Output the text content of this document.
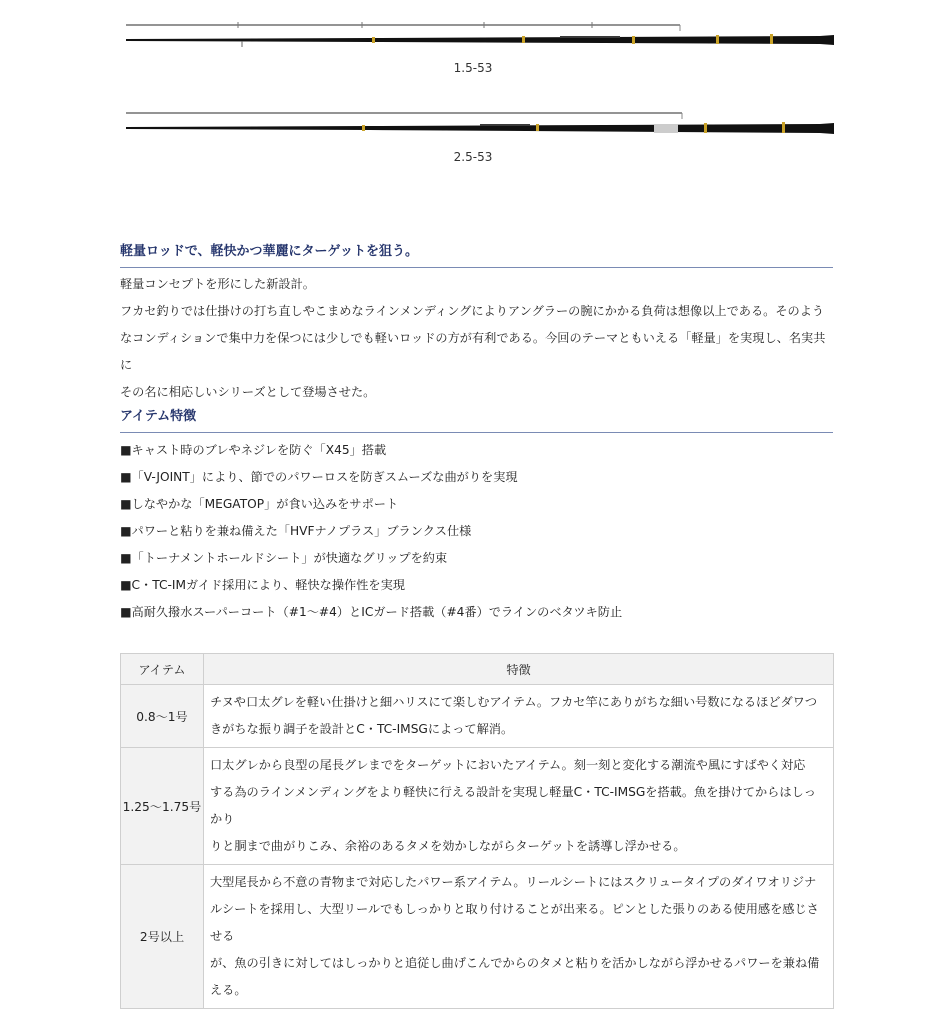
1.5-53
2.5-53
軽量ロッドで、軽快かつ華麗にターゲットを狙う。

軽量コンセプトを形にした新設計。

フカセ釣りでは仕掛けの打ち直しやこまめなラインメンディングによりアングラーの腕にかかる負荷は想像以上である。そのよう

なコンディションで集中力を保つには少しでも軽いロッドの方が有利である。今回のテーマともいえる「軽量」を実現し、名実共に

その名に相応しいシリーズとして登場させた。

アイテム特徴
■キャスト時のブレやネジレを防ぐ「X45」搭載
■「V-JOINT」により、節でのパワーロスを防ぎスムーズな曲がりを実現
■しなやかな「MEGATOP」が食い込みをサポート
■パワーと粘りを兼ね備えた「HVFナノプラス」ブランクス仕様
■「トーナメントホールドシート」が快適なグリップを約束
■C・TC-IMガイド採用により、軽快な操作性を実現
■高耐久撥水スーパーコート（#1～#4）とICガード搭載（#4番）でラインのベタツキ防止
アイテム	特徴
0.8～1号	チヌや口太グレを軽い仕掛けと細ハリスにて楽しむアイテム。フカセ竿にありがちな細い号数になるほどダワつ
きがちな振り調子を設計とC・TC-IMSGによって解消。

1.25～1.75号	口太グレから良型の尾長グレまでをターゲットにおいたアイテム。刻一刻と変化する潮流や風にすばやく対応
する為のラインメンディングをより軽快に行える設計を実現し軽量C・TC-IMSGを搭載。魚を掛けてからはしっかり
りと胴まで曲がりこみ、余裕のあるタメを効かしながらターゲットを誘導し浮かせる。

2号以上	大型尾長から不意の青物まで対応したパワー系アイテム。リールシートにはスクリュータイプのダイワオリジナ
ルシートを採用し、大型リールでもしっかりと取り付けることが出来る。ピンとした張りのある使用感を感じさせる
が、魚の引きに対してはしっかりと追従し曲げこんでからのタメと粘りを活かしながら浮かせるパワーを兼ね備
える。
